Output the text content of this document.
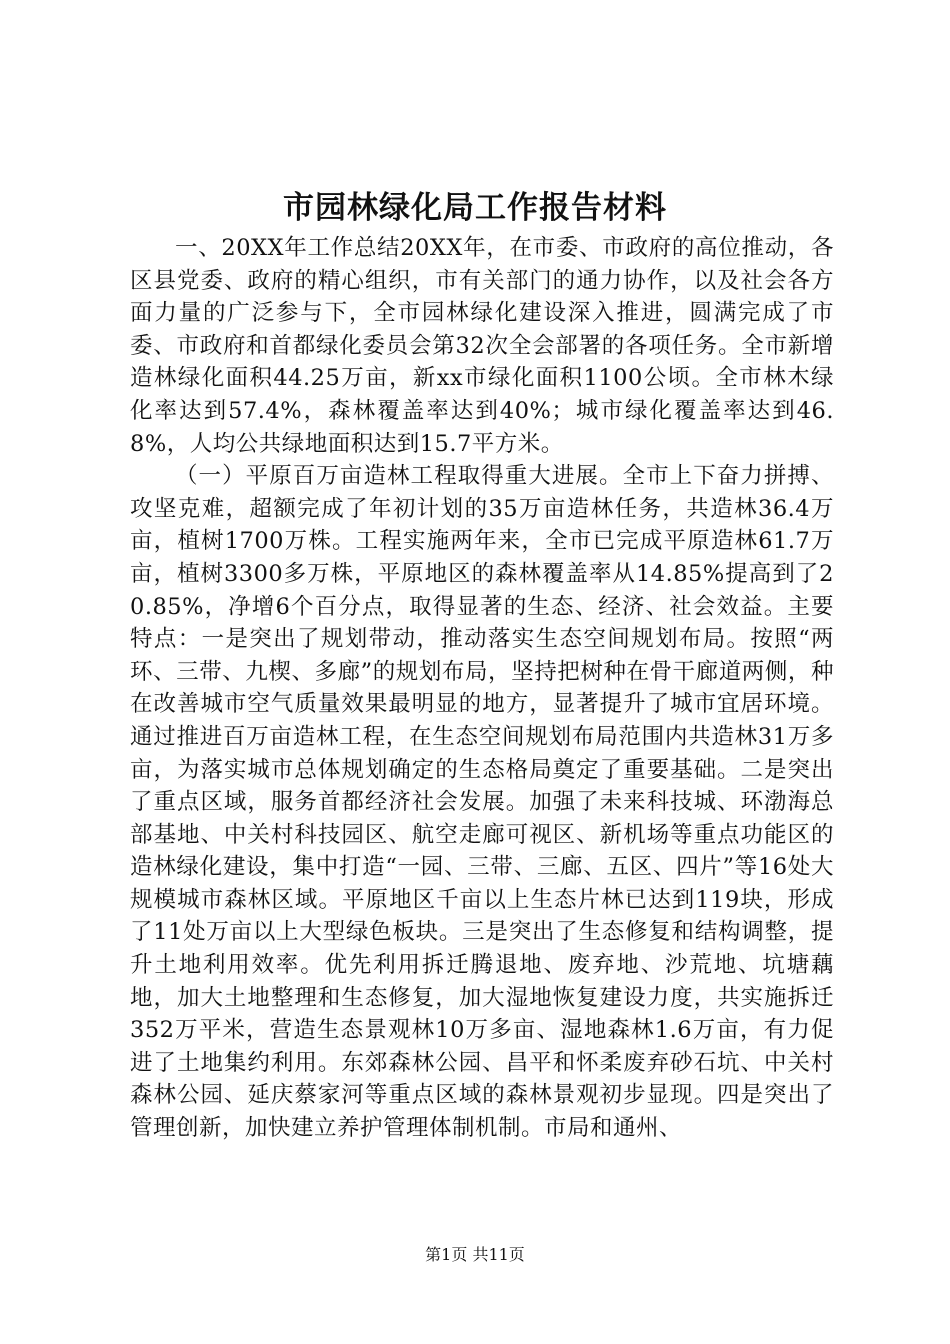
市园林绿化局工作报告材料

一、20XX年工作总结20XX年，在市委、市政府的高位推动，各区县党委、政府的精心组织，市有关部门的通力协作，以及社会各方面力量的广泛参与下，全市园林绿化建设深入推进，圆满完成了市委、市政府和首都绿化委员会第32次全会部署的各项任务。全市新增造林绿化面积44.25万亩，新xx市绿化面积1100公顷。全市林木绿化率达到57.4%，森林覆盖率达到40%；城市绿化覆盖率达到46.8%，人均公共绿地面积达到15.7平方米。

（一）平原百万亩造林工程取得重大进展。全市上下奋力拼搏、攻坚克难，超额完成了年初计划的35万亩造林任务，共造林36.4万亩，植树1700万株。工程实施两年来，全市已完成平原造林61.7万亩，植树3300多万株，平原地区的森林覆盖率从14.85%提高到了20.85%，净增6个百分点，取得显著的生态、经济、社会效益。主要特点：一是突出了规划带动，推动落实生态空间规划布局。按照“两环、三带、九楔、多廊”的规划布局，坚持把树种在骨干廊道两侧，种在改善城市空气质量效果最明显的地方，显著提升了城市宜居环境。通过推进百万亩造林工程，在生态空间规划布局范围内共造林31万多亩，为落实城市总体规划确定的生态格局奠定了重要基础。二是突出了重点区域，服务首都经济社会发展。加强了未来科技城、环渤海总部基地、中关村科技园区、航空走廊可视区、新机场等重点功能区的造林绿化建设，集中打造“一园、三带、三廊、五区、四片”等16处大规模城市森林区域。平原地区千亩以上生态片林已达到119块，形成了11处万亩以上大型绿色板块。三是突出了生态修复和结构调整，提升土地利用效率。优先利用拆迁腾退地、废弃地、沙荒地、坑塘藕地，加大土地整理和生态修复，加大湿地恢复建设力度，共实施拆迁352万平米，营造生态景观林10万多亩、湿地森林1.6万亩，有力促进了土地集约利用。东郊森林公园、昌平和怀柔废弃砂石坑、中关村森林公园、延庆蔡家河等重点区域的森林景观初步显现。四是突出了管理创新，加快建立养护管理体制机制。市局和通州、

第1页 共11页
